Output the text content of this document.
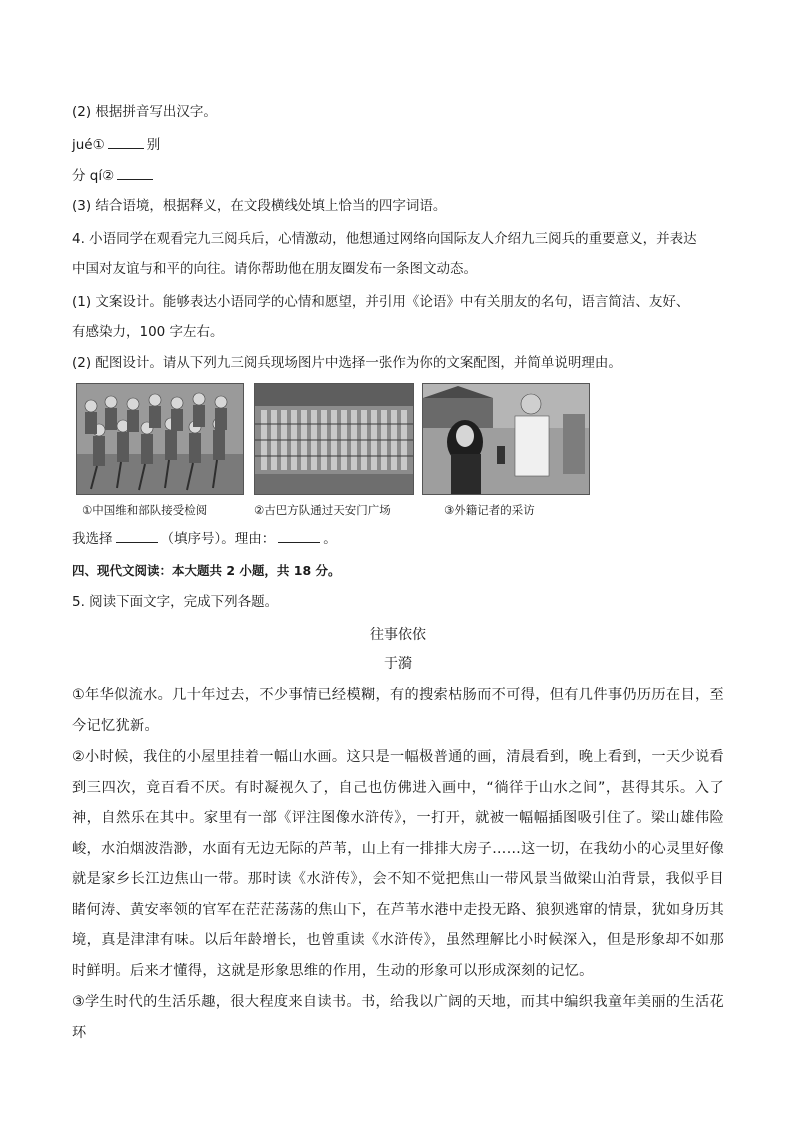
(2) 根据拼音写出汉字。
jué①	别
分 qí②
(3) 结合语境，根据释义，在文段横线处填上恰当的四字词语。
4. 小语同学在观看完九三阅兵后，心情激动，他想通过网络向国际友人介绍九三阅兵的重要意义，并表达
中国对友谊与和平的向往。请你帮助他在朋友圈发布一条图文动态。
(1) 文案设计。能够表达小语同学的心情和愿望，并引用《论语》中有关朋友的名句，语言简洁、友好、
有感染力，100 字左右。
(2) 配图设计。请从下列九三阅兵现场图片中选择一张作为你的文案配图，并简单说明理由。
①中国维和部队接受检阅	②古巴方队通过天安门广场	③外籍记者的采访
我选择	（填序号）。理由：	。
四、现代文阅读：本大题共 2 小题，共 18 分。
5. 阅读下面文字，完成下列各题。
往事依依
于漪
①年华似流水。几十年过去，不少事情已经模糊，有的搜索枯肠而不可得，但有几件事仍历历在目，至今记忆犹新。
②小时候，我住的小屋里挂着一幅山水画。这只是一幅极普通的画，清晨看到，晚上看到，一天少说看到三四次，竟百看不厌。有时凝视久了，自己也仿佛进入画中，“徜徉于山水之间”，甚得其乐。入了神，自然乐在其中。家里有一部《评注图像水浒传》，一打开，就被一幅幅插图吸引住了。梁山雄伟险峻，水泊烟波浩渺，水面有无边无际的芦苇，山上有一排排大房子……这一切，在我幼小的心灵里好像就是家乡长江边焦山一带。那时读《水浒传》，会不知不觉把焦山一带风景当做梁山泊背景，我似乎目睹何涛、黄安率领的官军在茫茫荡荡的焦山下，在芦苇水港中走投无路、狼狈逃窜的情景，犹如身历其境，真是津津有味。以后年龄增长，也曾重读《水浒传》，虽然理解比小时候深入，但是形象却不如那时鲜明。后来才懂得，这就是形象思维的作用，生动的形象可以形成深刻的记忆。
③学生时代的生活乐趣，很大程度来自读书。书，给我以广阔的天地，而其中编织我童年美丽的生活花环
